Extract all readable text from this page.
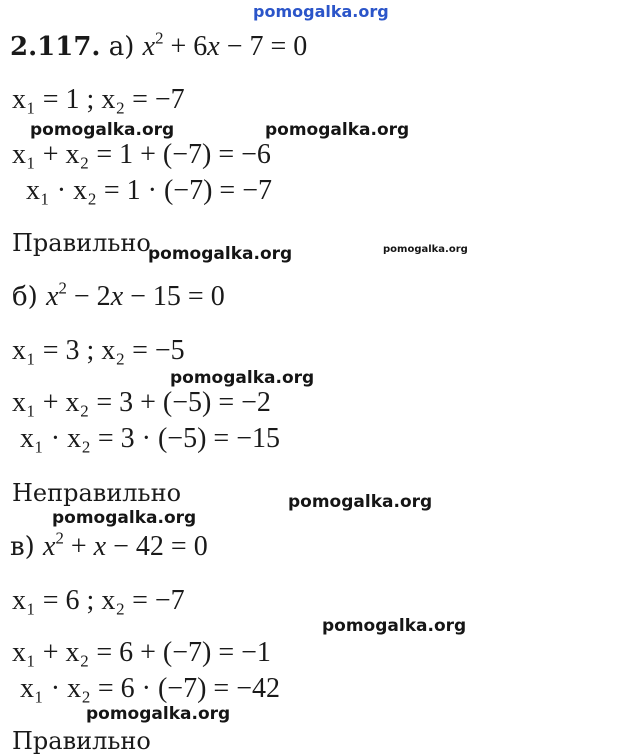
pomogalka.org
pomogalka.org	pomogalka.org
pomogalka.org	pomogalka.org
pomogalka.org
pomogalka.org
pomogalka.org
pomogalka.org
pomogalka.org
2.117. а) $x^2 + 6x - 7 = 0$
x₁ = 1 ; x₂ = −7
x₁ + x₂ = 1 + (−7) = −6
x₁ · x₂ = 1 · (−7) = −7
Правильно
б) $x^2 - 2x - 15 = 0$
x₁ = 3 ; x₂ = −5
x₁ + x₂ = 3 + (−5) = −2
x₁ · x₂ = 3 · (−5) = −15
Неправильно
в) $x^2 + x - 42 = 0$
x₁ = 6 ; x₂ = −7
x₁ + x₂ = 6 + (−7) = −1
x₁ · x₂ = 6 · (−7) = −42
Правильно
